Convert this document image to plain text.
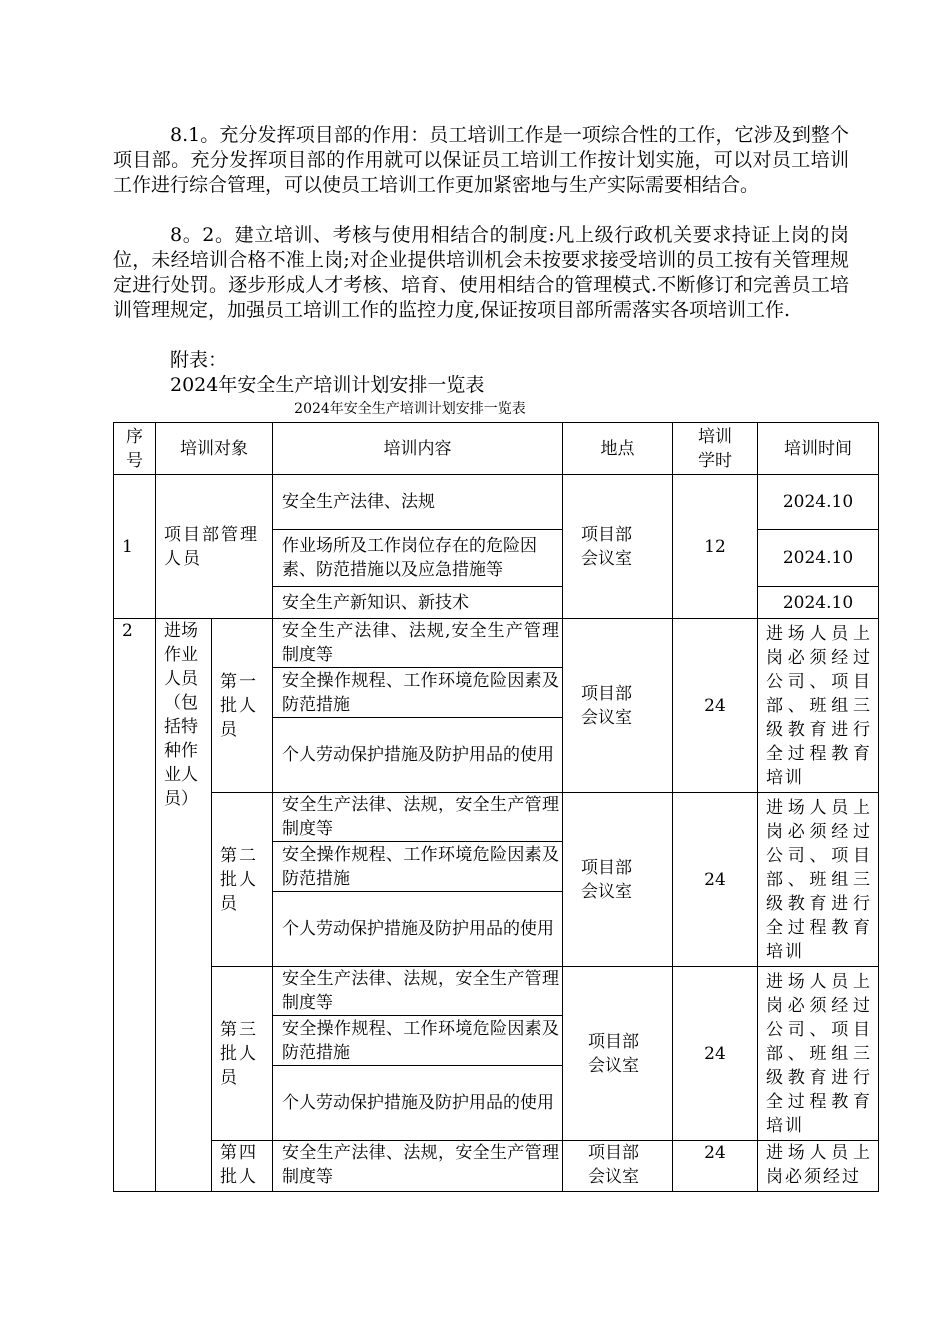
8.1。充分发挥项目部的作用：员工培训工作是一项综合性的工作，它涉及到整个项目部。充分发挥项目部的作用就可以保证员工培训工作按计划实施，可以对员工培训工作进行综合管理，可以使员工培训工作更加紧密地与生产实际需要相结合。

8。2。建立培训、考核与使用相结合的制度:凡上级行政机关要求持证上岗的岗位，未经培训合格不准上岗;对企业提供培训机会未按要求接受培训的员工按有关管理规定进行处罚。逐步形成人才考核、培育、使用相结合的管理模式.不断修订和完善员工培训管理规定，加强员工培训工作的监控力度,保证按项目部所需落实各项培训工作.

附表：

2024年安全生产培训计划安排一览表

2024年安全生产培训计划安排一览表

序号	培训对象		培训内容	地点	培训学时	培训时间
1	项目部管理人员		安全生产法律、法规	项目部会议室	12	2024.10
			作业场所及工作岗位存在的危险因素、防范措施以及应急措施等			2024.10
			安全生产新知识、新技术			2024.10
2	进场作业人员（包括特种作业人员）	第一批人员	安全生产法律、法规,安全生产管理制度等	项目部会议室	24	进场人员上岗必须经过公司、项目部、班组三级教育进行全过程教育培训
			安全操作规程、工作环境危险因素及防范措施			
			个人劳动保护措施及防护用品的使用			
		第二批人员	安全生产法律、法规，安全生产管理制度等	项目部会议室	24	进场人员上岗必须经过公司、项目部、班组三级教育进行全过程教育培训
			安全操作规程、工作环境危险因素及防范措施			
			个人劳动保护措施及防护用品的使用			
		第三批人员	安全生产法律、法规，安全生产管理制度等	项目部会议室	24	进场人员上岗必须经过公司、项目部、班组三级教育进行全过程教育培训
			安全操作规程、工作环境危险因素及防范措施			
			个人劳动保护措施及防护用品的使用			
		第四批人	安全生产法律、法规，安全生产管理制度等	项目部会议室	24	进场人员上岗必须经过
